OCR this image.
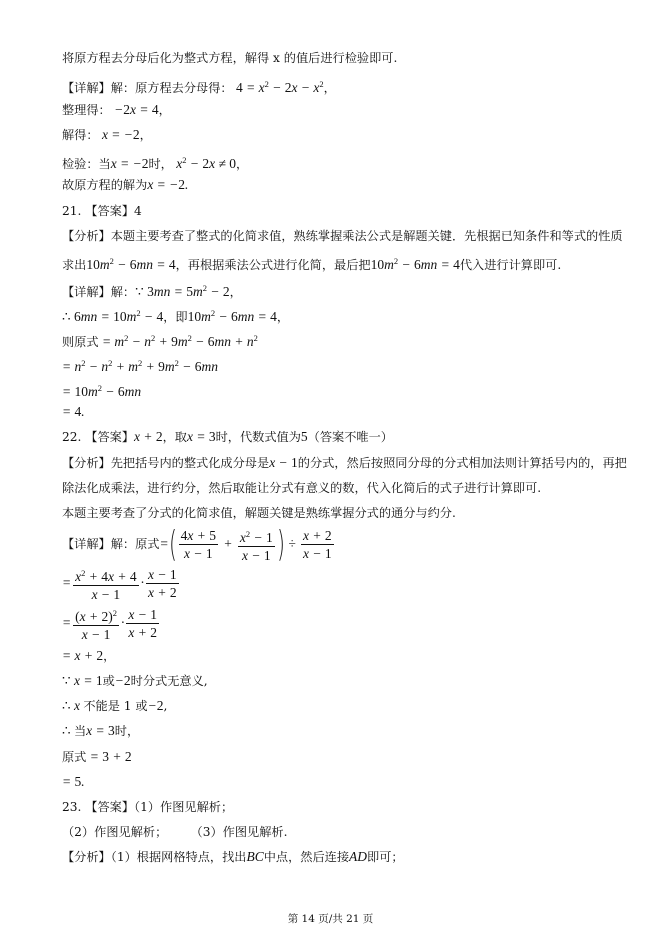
将原方程去分母后化为整式方程，解得 x 的值后进行检验即可.
【详解】解：原方程去分母得： $4 = x^2 - 2x - x^2$，
整理得： −2x = 4，
解得： x = −2，
检验：当x = −2时， $x^2 - 2x \ne 0$，
故原方程的解为x = −2.
21. 【答案】4
【分析】本题主要考查了整式的化简求值，熟练掌握乘法公式是解题关键．先根据已知条件和等式的性质
求出$10m^2 - 6mn = 4$，再根据乘法公式进行化简，最后把$10m^2 - 6mn = 4$代入进行计算即可.
【详解】解：∵ $3mn = 5m^2 - 2$，
∴ $6mn = 10m^2 - 4$，即$10m^2 - 6mn = 4$，
则原式 = $m^2 - n^2 + 9m^2 - 6mn + n^2$
= $n^2 - n^2 + m^2 + 9m^2 - 6mn$
= $10m^2 - 6mn$
= 4.
22. 【答案】x + 2，取x = 3时，代数式值为5（答案不唯一）
【分析】先把括号内的整式化成分母是x − 1的分式，然后按照同分母的分式相加法则计算括号内的，再把
除法化成乘法，进行约分，然后取能让分式有意义的数，代入化简后的式子进行计算即可.
本题主要考查了分式的化简求值，解题关键是熟练掌握分式的通分与约分.
【详解】解：原式=( $\frac{4x + 5}{x - 1} + \frac{x^2 - 1}{x - 1}$ ) ÷ $\frac{x + 2}{x - 1}$
= $\frac{x^2 + 4x + 4}{x - 1} \cdot \frac{x - 1}{x + 2}$
= $\frac{(x + 2)^2}{x - 1} \cdot \frac{x - 1}{x + 2}$
= x + 2，
∵ x = 1或−2时分式无意义,
∴ x 不能是 1 或−2,
∴ 当x = 3时，
原式 = 3 + 2
= 5.
23. 【答案】（1）作图见解析；
（2）作图见解析； （3）作图见解析.
【分析】（1）根据网格特点，找出BC中点，然后连接AD即可；
第 14 页/共 21 页
